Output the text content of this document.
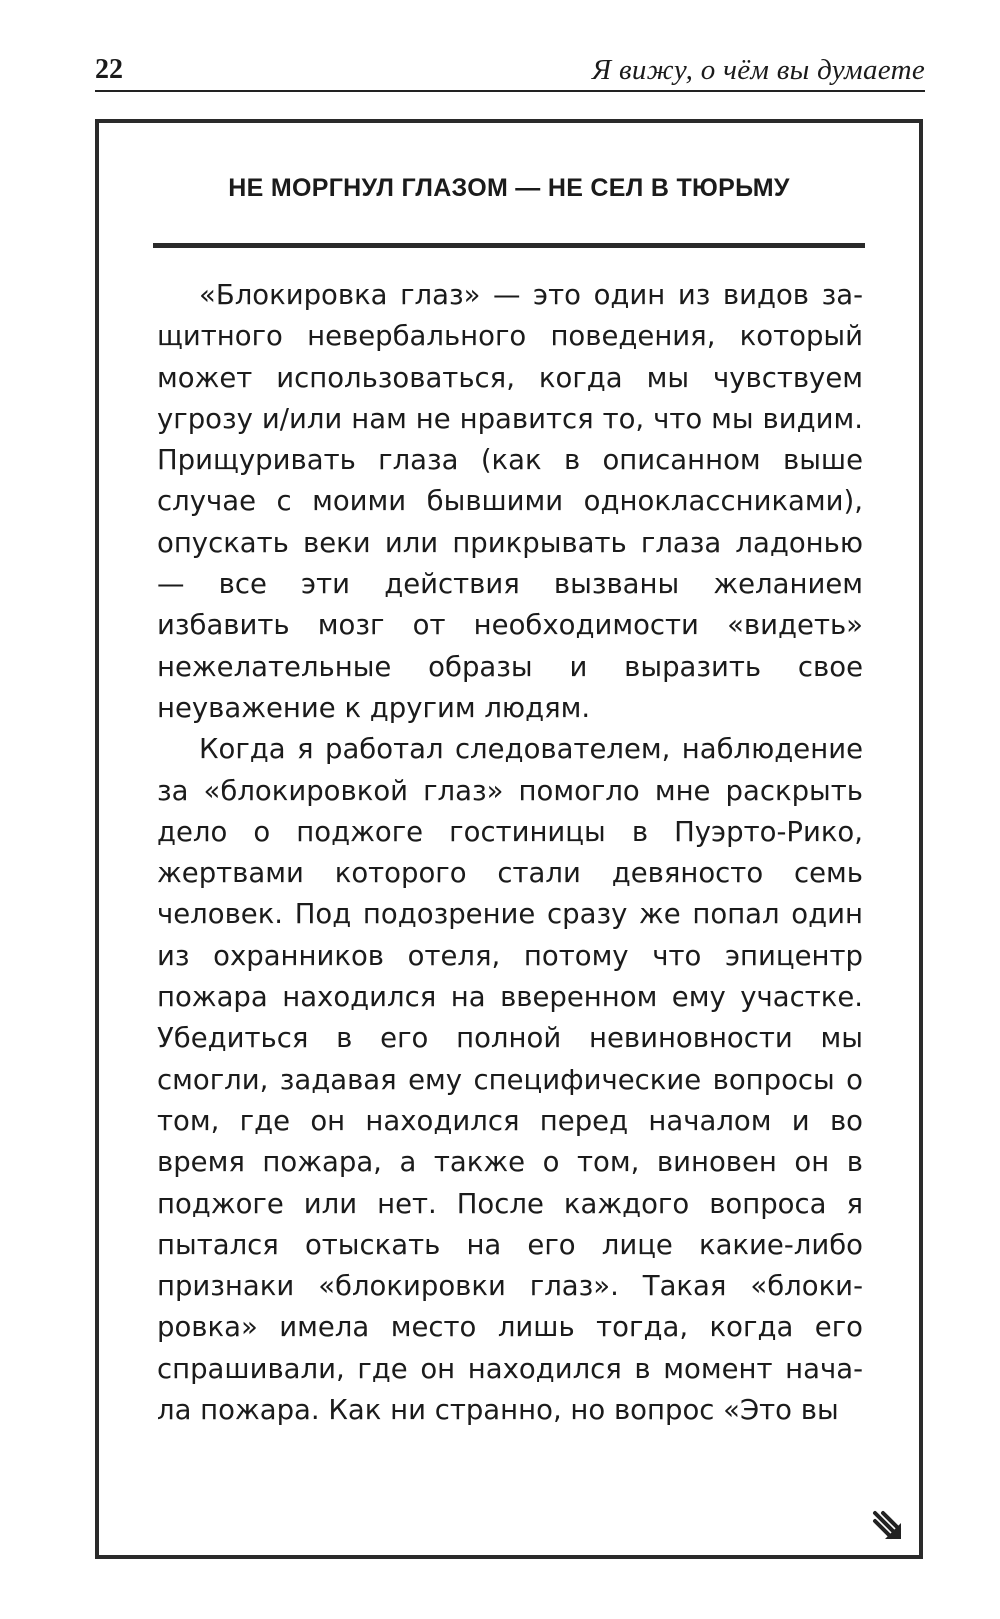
22	Я вижу, о чём вы думаете
НЕ МОРГНУЛ ГЛАЗОМ — НЕ СЕЛ В ТЮРЬМУ

«Блокировка глаз» — это один из видов защитного невербального поведения, который может использоваться, когда мы чувствуем угрозу и/или нам не нравится то, что мы видим. Прищуривать глаза (как в описанном выше случае с моими бывшими одноклассниками), опускать веки или прикрывать глаза ладонью — все эти действия вызваны желанием избавить мозг от необходимости «видеть» нежелательные образы и выразить свое неуважение к другим людям.

Когда я работал следователем, наблюдение за «блокировкой глаз» помогло мне раскрыть дело о поджоге гостиницы в Пуэрто-Рико, жертвами которого стали девяносто семь человек. Под подозрение сразу же попал один из охранников отеля, потому что эпицентр пожара находился на вверенном ему участке. Убедиться в его полной невиновности мы смогли, задавая ему специфические вопросы о том, где он находился перед началом и во время пожара, а также о том, виновен он в поджоге или нет. После каждого вопроса я пытался отыскать на его лице какие-либо признаки «блокировки глаз». Такая «блокировка» имела место лишь тогда, когда его спрашивали, где он находился в момент начала пожара. Как ни странно, но вопрос «Это вы
